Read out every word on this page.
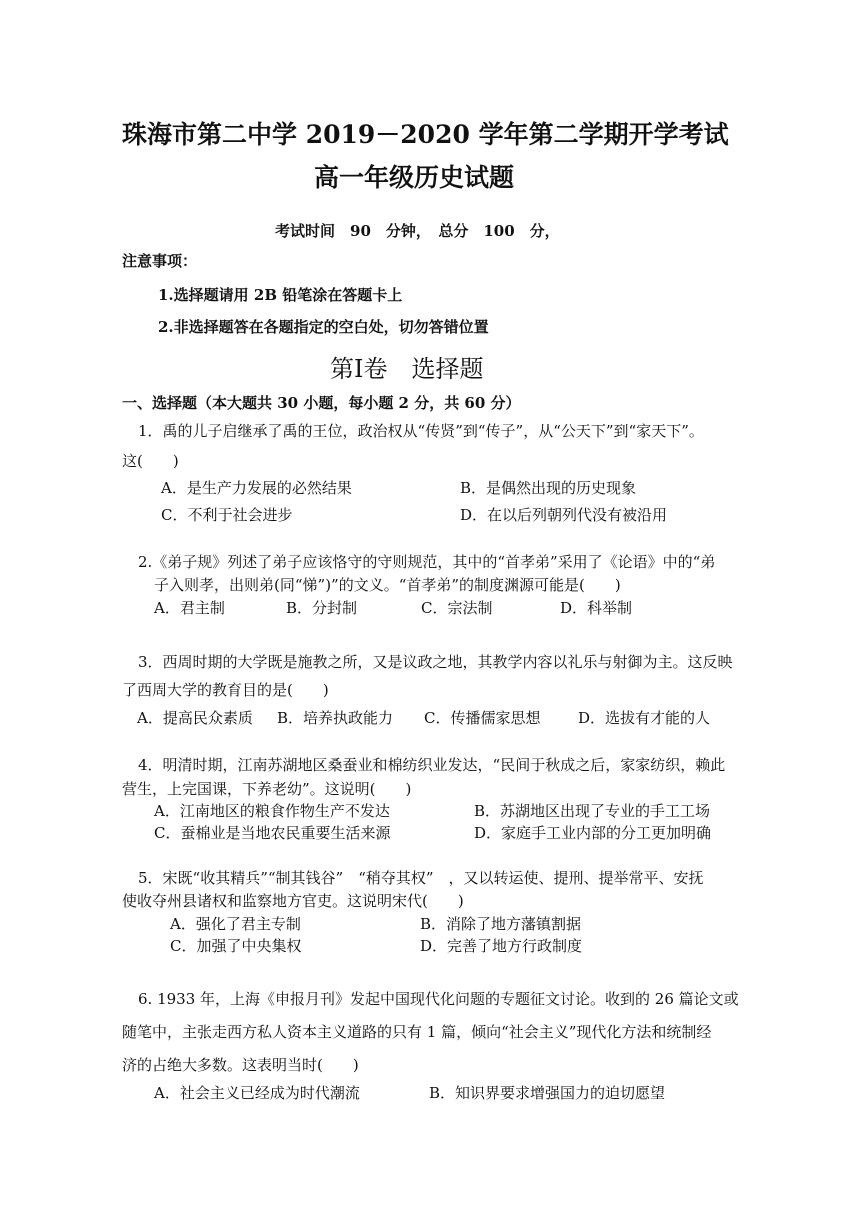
珠海市第二中学 2019－2020 学年第二学期开学考试
高一年级历史试题
考试时间　90　分钟，　总分　100　分，
注意事项：
1.选择题请用 2B 铅笔涂在答题卡上
2.非选择题答在各题指定的空白处，切勿答错位置
第Ⅰ卷　选择题
一、选择题（本大题共 30 小题，每小题 2 分，共 60 分）
1．禹的儿子启继承了禹的王位，政治权从“传贤”到“传子”，从“公天下”到“家天下”。
这(　　)
A．是生产力发展的必然结果	B．是偶然出现的历史现象
C．不利于社会进步	D．在以后列朝列代没有被沿用
2.《弟子规》列述了弟子应该恪守的守则规范，其中的“首孝弟”采用了《论语》中的“弟
子入则孝，出则弟(同“悌”)”的文义。“首孝弟”的制度渊源可能是(　　)
A．君主制	B．分封制	C．宗法制	D．科举制
3．西周时期的大学既是施教之所，又是议政之地，其教学内容以礼乐与射御为主。这反映
了西周大学的教育目的是(　　)
A．提高民众素质 B．培养执政能力 C．传播儒家思想	D．选拔有才能的人
4．明清时期，江南苏湖地区桑蚕业和棉纺织业发达，“民间于秋成之后，家家纺织，赖此
营生，上完国课，下养老幼”。这说明(　　)
A．江南地区的粮食作物生产不发达	B．苏湖地区出现了专业的手工工场
C．蚕棉业是当地农民重要生活来源	D．家庭手工业内部的分工更加明确
5．宋既“收其精兵”“制其钱谷”　“稍夺其权”　，又以转运使、提刑、提举常平、安抚
使收夺州县诸权和监察地方官吏。这说明宋代(　　)
A．强化了君主专制	B．消除了地方藩镇割据
C．加强了中央集权	D．完善了地方行政制度
6. 1933 年，上海《申报月刊》发起中国现代化问题的专题征文讨论。收到的 26 篇论文或
随笔中，主张走西方私人资本主义道路的只有 1 篇，倾向“社会主义”现代化方法和统制经
济的占绝大多数。这表明当时(　　)
A．社会主义已经成为时代潮流	B．知识界要求增强国力的迫切愿望
